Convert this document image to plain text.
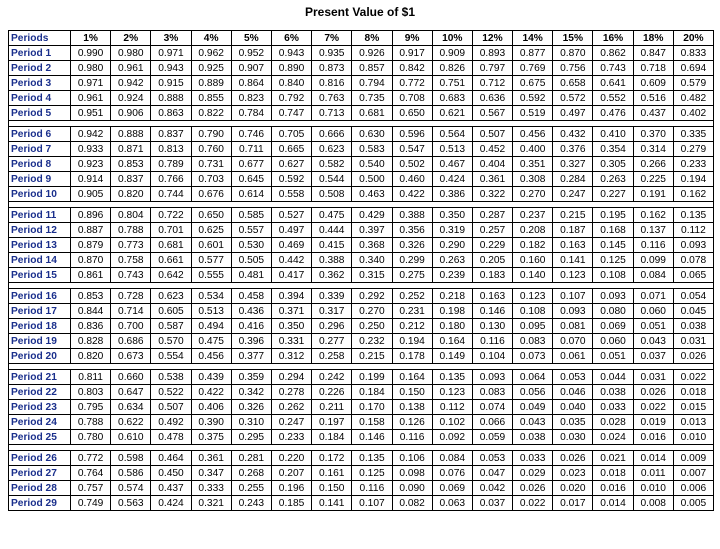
Present Value of $1
Periods	1%	2%	3%	4%	5%	6%	7%	8%	9%	10%	12%	14%	15%	16%	18%	20%
Period 1	0.990	0.980	0.971	0.962	0.952	0.943	0.935	0.926	0.917	0.909	0.893	0.877	0.870	0.862	0.847	0.833
Period 2	0.980	0.961	0.943	0.925	0.907	0.890	0.873	0.857	0.842	0.826	0.797	0.769	0.756	0.743	0.718	0.694
Period 3	0.971	0.942	0.915	0.889	0.864	0.840	0.816	0.794	0.772	0.751	0.712	0.675	0.658	0.641	0.609	0.579
Period 4	0.961	0.924	0.888	0.855	0.823	0.792	0.763	0.735	0.708	0.683	0.636	0.592	0.572	0.552	0.516	0.482
Period 5	0.951	0.906	0.863	0.822	0.784	0.747	0.713	0.681	0.650	0.621	0.567	0.519	0.497	0.476	0.437	0.402

Period 6	0.942	0.888	0.837	0.790	0.746	0.705	0.666	0.630	0.596	0.564	0.507	0.456	0.432	0.410	0.370	0.335
Period 7	0.933	0.871	0.813	0.760	0.711	0.665	0.623	0.583	0.547	0.513	0.452	0.400	0.376	0.354	0.314	0.279
Period 8	0.923	0.853	0.789	0.731	0.677	0.627	0.582	0.540	0.502	0.467	0.404	0.351	0.327	0.305	0.266	0.233
Period 9	0.914	0.837	0.766	0.703	0.645	0.592	0.544	0.500	0.460	0.424	0.361	0.308	0.284	0.263	0.225	0.194
Period 10	0.905	0.820	0.744	0.676	0.614	0.558	0.508	0.463	0.422	0.386	0.322	0.270	0.247	0.227	0.191	0.162

Period 11	0.896	0.804	0.722	0.650	0.585	0.527	0.475	0.429	0.388	0.350	0.287	0.237	0.215	0.195	0.162	0.135
Period 12	0.887	0.788	0.701	0.625	0.557	0.497	0.444	0.397	0.356	0.319	0.257	0.208	0.187	0.168	0.137	0.112
Period 13	0.879	0.773	0.681	0.601	0.530	0.469	0.415	0.368	0.326	0.290	0.229	0.182	0.163	0.145	0.116	0.093
Period 14	0.870	0.758	0.661	0.577	0.505	0.442	0.388	0.340	0.299	0.263	0.205	0.160	0.141	0.125	0.099	0.078
Period 15	0.861	0.743	0.642	0.555	0.481	0.417	0.362	0.315	0.275	0.239	0.183	0.140	0.123	0.108	0.084	0.065

Period 16	0.853	0.728	0.623	0.534	0.458	0.394	0.339	0.292	0.252	0.218	0.163	0.123	0.107	0.093	0.071	0.054
Period 17	0.844	0.714	0.605	0.513	0.436	0.371	0.317	0.270	0.231	0.198	0.146	0.108	0.093	0.080	0.060	0.045
Period 18	0.836	0.700	0.587	0.494	0.416	0.350	0.296	0.250	0.212	0.180	0.130	0.095	0.081	0.069	0.051	0.038
Period 19	0.828	0.686	0.570	0.475	0.396	0.331	0.277	0.232	0.194	0.164	0.116	0.083	0.070	0.060	0.043	0.031
Period 20	0.820	0.673	0.554	0.456	0.377	0.312	0.258	0.215	0.178	0.149	0.104	0.073	0.061	0.051	0.037	0.026

Period 21	0.811	0.660	0.538	0.439	0.359	0.294	0.242	0.199	0.164	0.135	0.093	0.064	0.053	0.044	0.031	0.022
Period 22	0.803	0.647	0.522	0.422	0.342	0.278	0.226	0.184	0.150	0.123	0.083	0.056	0.046	0.038	0.026	0.018
Period 23	0.795	0.634	0.507	0.406	0.326	0.262	0.211	0.170	0.138	0.112	0.074	0.049	0.040	0.033	0.022	0.015
Period 24	0.788	0.622	0.492	0.390	0.310	0.247	0.197	0.158	0.126	0.102	0.066	0.043	0.035	0.028	0.019	0.013
Period 25	0.780	0.610	0.478	0.375	0.295	0.233	0.184	0.146	0.116	0.092	0.059	0.038	0.030	0.024	0.016	0.010

Period 26	0.772	0.598	0.464	0.361	0.281	0.220	0.172	0.135	0.106	0.084	0.053	0.033	0.026	0.021	0.014	0.009
Period 27	0.764	0.586	0.450	0.347	0.268	0.207	0.161	0.125	0.098	0.076	0.047	0.029	0.023	0.018	0.011	0.007
Period 28	0.757	0.574	0.437	0.333	0.255	0.196	0.150	0.116	0.090	0.069	0.042	0.026	0.020	0.016	0.010	0.006
Period 29	0.749	0.563	0.424	0.321	0.243	0.185	0.141	0.107	0.082	0.063	0.037	0.022	0.017	0.014	0.008	0.005
